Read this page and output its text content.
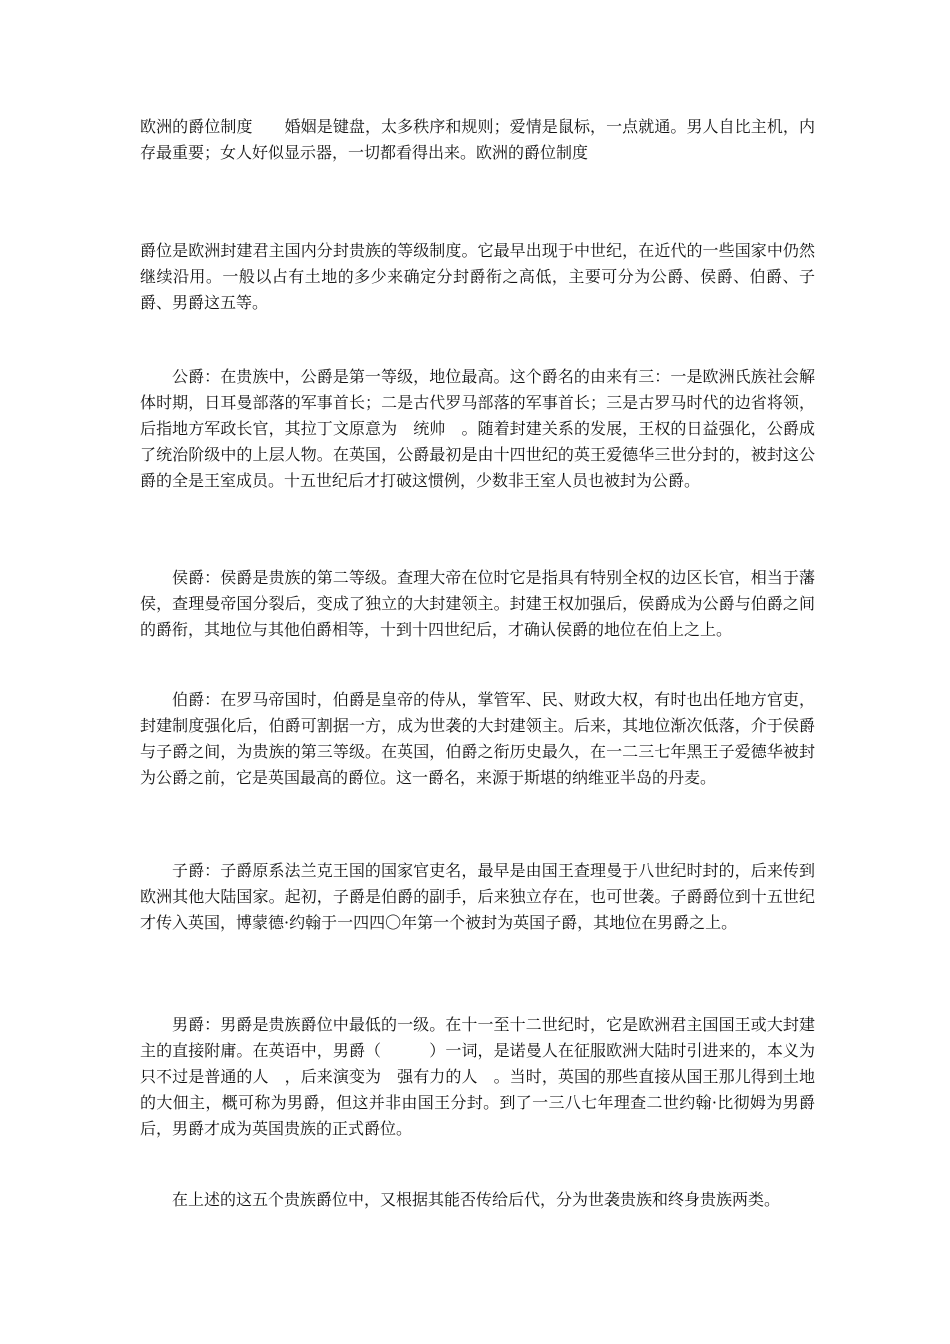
欧洲的爵位制度 婚姻是键盘，太多秩序和规则；爱情是鼠标，一点就通。男人自比主机，内存最重要；女人好似显示器，一切都看得出来。欧洲的爵位制度

爵位是欧洲封建君主国内分封贵族的等级制度。它最早出现于中世纪，在近代的一些国家中仍然继续沿用。一般以占有土地的多少来确定分封爵衔之高低，主要可分为公爵、侯爵、伯爵、子爵、男爵这五等。

公爵：在贵族中，公爵是第一等级，地位最高。这个爵名的由来有三：一是欧洲氏族社会解体时期，日耳曼部落的军事首长；二是古代罗马部落的军事首长；三是古罗马时代的边省将领，后指地方军政长官，其拉丁文原意为　统帅　。随着封建关系的发展，王权的日益强化，公爵成了统治阶级中的上层人物。在英国，公爵最初是由十四世纪的英王爱德华三世分封的，被封这公爵的全是王室成员。十五世纪后才打破这惯例，少数非王室人员也被封为公爵。

侯爵：侯爵是贵族的第二等级。查理大帝在位时它是指具有特别全权的边区长官，相当于藩侯，查理曼帝国分裂后，变成了独立的大封建领主。封建王权加强后，侯爵成为公爵与伯爵之间的爵衔，其地位与其他伯爵相等，十到十四世纪后，才确认侯爵的地位在伯上之上。

伯爵：在罗马帝国时，伯爵是皇帝的侍从，掌管军、民、财政大权，有时也出任地方官吏，封建制度强化后，伯爵可割据一方，成为世袭的大封建领主。后来，其地位渐次低落，介于侯爵与子爵之间，为贵族的第三等级。在英国，伯爵之衔历史最久，在一二三七年黑王子爱德华被封为公爵之前，它是英国最高的爵位。这一爵名，来源于斯堪的纳维亚半岛的丹麦。

子爵：子爵原系法兰克王国的国家官吏名，最早是由国王查理曼于八世纪时封的，后来传到欧洲其他大陆国家。起初，子爵是伯爵的副手，后来独立存在，也可世袭。子爵爵位到十五世纪才传入英国，博蒙德·约翰于一四四〇年第一个被封为英国子爵，其地位在男爵之上。

男爵：男爵是贵族爵位中最低的一级。在十一至十二世纪时，它是欧洲君主国国王或大封建主的直接附庸。在英语中，男爵（　　　）一词，是诺曼人在征服欧洲大陆时引进来的，本义为　只不过是普通的人　，后来演变为　强有力的人　。当时，英国的那些直接从国王那儿得到土地的大佃主，概可称为男爵，但这并非由国王分封。到了一三八七年理查二世约翰·比彻姆为男爵后，男爵才成为英国贵族的正式爵位。

在上述的这五个贵族爵位中，又根据其能否传给后代，分为世袭贵族和终身贵族两类。
